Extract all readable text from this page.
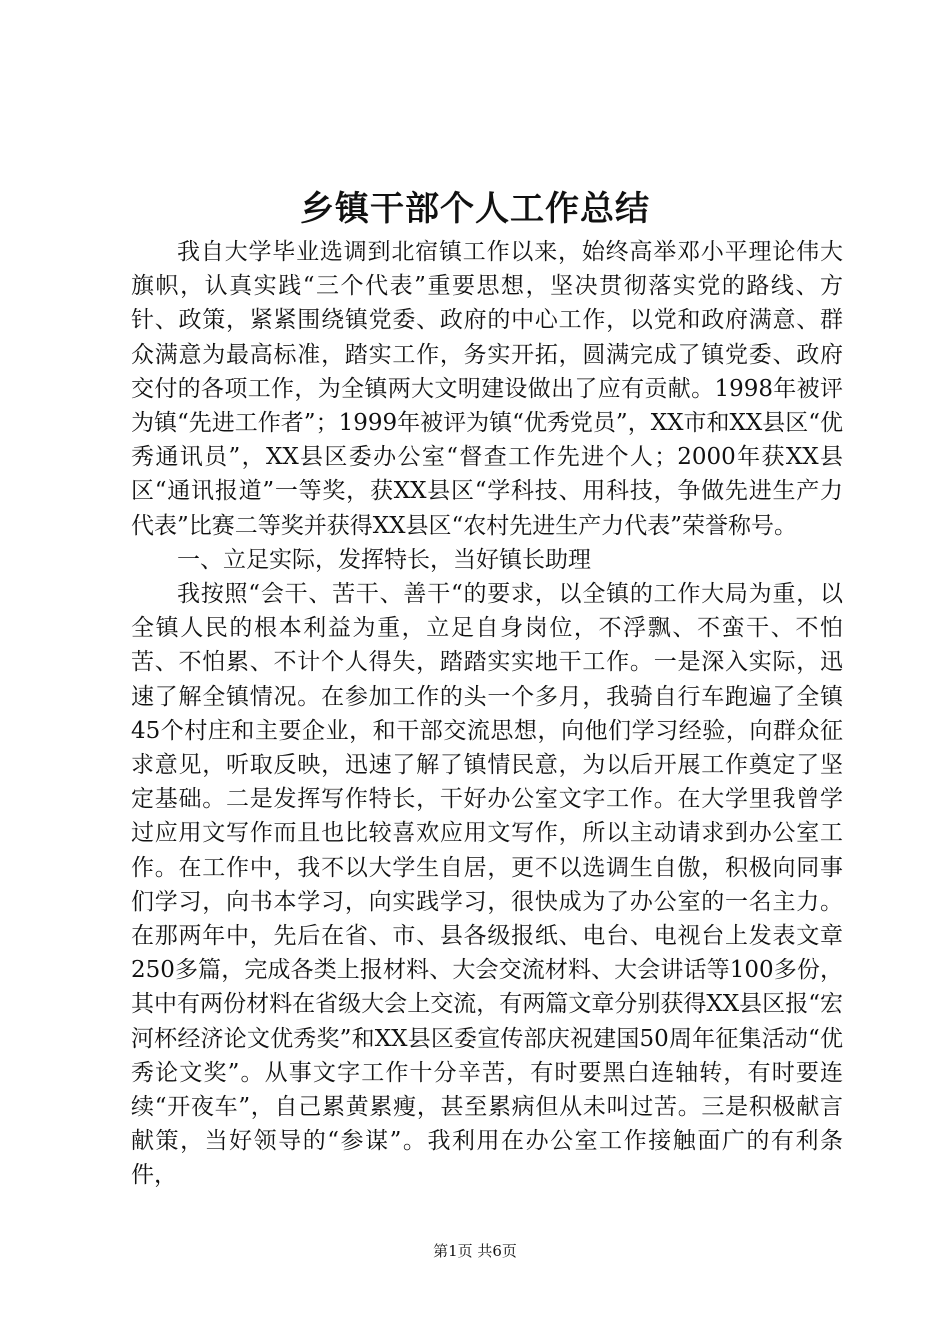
乡镇干部个人工作总结

我自大学毕业选调到北宿镇工作以来，始终高举邓小平理论伟大旗帜，认真实践“三个代表”重要思想，坚决贯彻落实党的路线、方针、政策，紧紧围绕镇党委、政府的中心工作，以党和政府满意、群众满意为最高标准，踏实工作，务实开拓，圆满完成了镇党委、政府交付的各项工作，为全镇两大文明建设做出了应有贡献。1998年被评为镇“先进工作者”；1999年被评为镇“优秀党员”，XX市和XX县区“优秀通讯员”，XX县区委办公室“督查工作先进个人；2000年获XX县区“通讯报道”一等奖，获XX县区“学科技、用科技，争做先进生产力代表”比赛二等奖并获得XX县区“农村先进生产力代表”荣誉称号。

一、立足实际，发挥特长，当好镇长助理

我按照“会干、苦干、善干“的要求，以全镇的工作大局为重，以全镇人民的根本利益为重，立足自身岗位，不浮飘、不蛮干、不怕苦、不怕累、不计个人得失，踏踏实实地干工作。一是深入实际，迅速了解全镇情况。在参加工作的头一个多月，我骑自行车跑遍了全镇45个村庄和主要企业，和干部交流思想，向他们学习经验，向群众征求意见，听取反映，迅速了解了镇情民意，为以后开展工作奠定了坚定基础。二是发挥写作特长，干好办公室文字工作。在大学里我曾学过应用文写作而且也比较喜欢应用文写作，所以主动请求到办公室工作。在工作中，我不以大学生自居，更不以选调生自傲，积极向同事们学习，向书本学习，向实践学习，很快成为了办公室的一名主力。在那两年中，先后在省、市、县各级报纸、电台、电视台上发表文章250多篇，完成各类上报材料、大会交流材料、大会讲话等100多份，其中有两份材料在省级大会上交流，有两篇文章分别获得XX县区报“宏河杯经济论文优秀奖”和XX县区委宣传部庆祝建国50周年征集活动“优秀论文奖”。从事文字工作十分辛苦，有时要黑白连轴转，有时要连续“开夜车”，自己累黄累瘦，甚至累病但从未叫过苦。三是积极献言献策，当好领导的“参谋”。我利用在办公室工作接触面广的有利条件，

第1页 共6页
